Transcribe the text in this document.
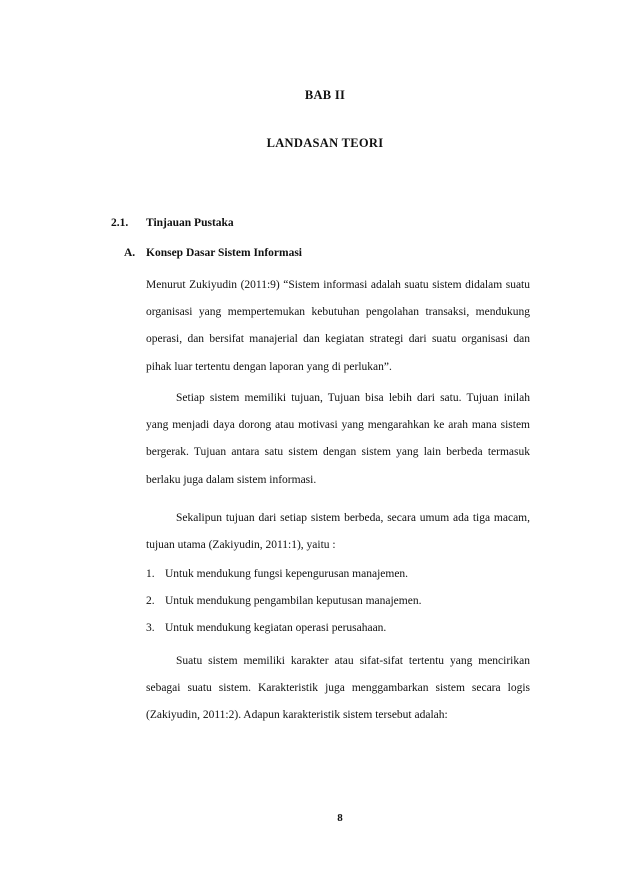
BAB II
LANDASAN TEORI
2.1. Tinjauan Pustaka
A. Konsep Dasar Sistem Informasi

Menurut Zukiyudin (2011:9) “Sistem informasi adalah suatu sistem didalam suatu organisasi yang mempertemukan kebutuhan pengolahan transaksi, mendukung operasi, dan bersifat manajerial dan kegiatan strategi dari suatu organisasi dan pihak luar tertentu dengan laporan yang di perlukan”.

Setiap sistem memiliki tujuan, Tujuan bisa lebih dari satu. Tujuan inilah yang menjadi daya dorong atau motivasi yang mengarahkan ke arah mana sistem bergerak. Tujuan antara satu sistem dengan sistem yang lain berbeda termasuk berlaku juga dalam sistem informasi.

Sekalipun tujuan dari setiap sistem berbeda, secara umum ada tiga macam, tujuan utama (Zakiyudin, 2011:1), yaitu :

1. Untuk mendukung fungsi kepengurusan manajemen.
2. Untuk mendukung pengambilan keputusan manajemen.
3. Untuk mendukung kegiatan operasi perusahaan.

Suatu sistem memiliki karakter atau sifat-sifat tertentu yang mencirikan sebagai suatu sistem. Karakteristik juga menggambarkan sistem secara logis (Zakiyudin, 2011:2). Adapun karakteristik sistem tersebut adalah:

8
